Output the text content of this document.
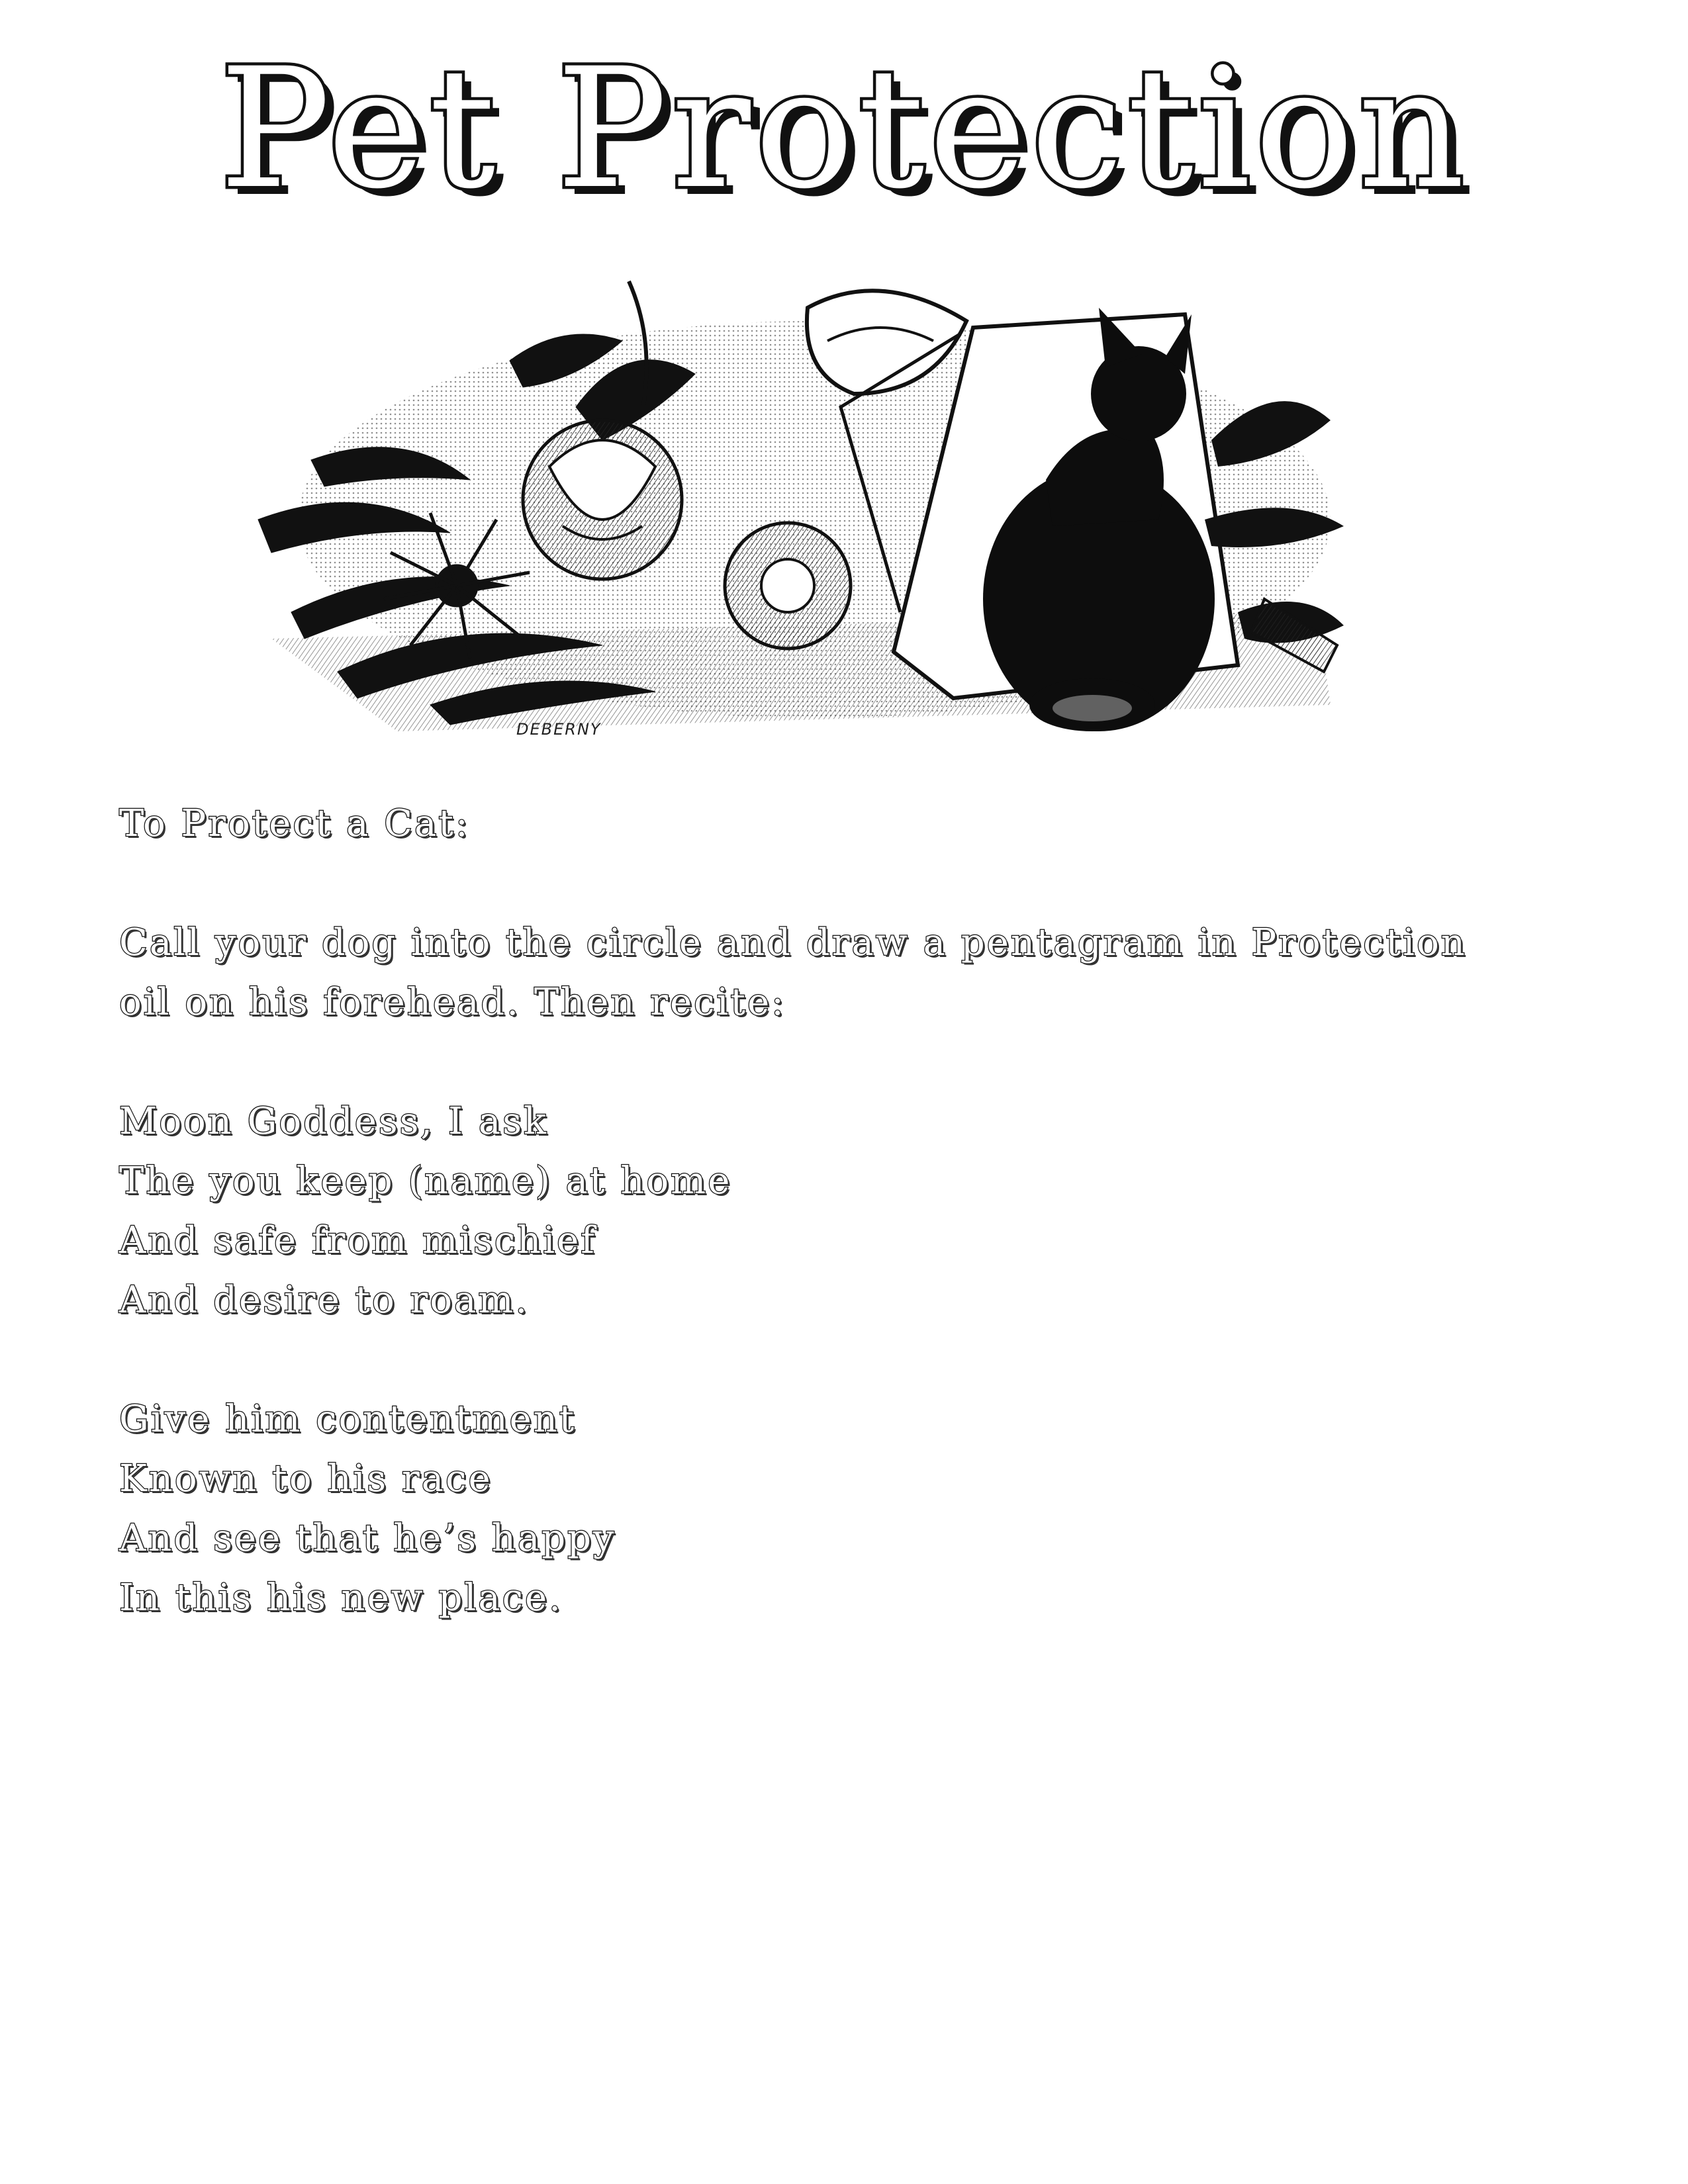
Pet Protection
DEBERNY
To Protect a Cat:
Call your dog into the circle and draw a pentagram in Protection
oil on his forehead. Then recite:
Moon Goddess, I ask
The you keep (name) at home
And safe from mischief
And desire to roam.
Give him contentment
Known to his race
And see that he’s happy
In this his new place.
